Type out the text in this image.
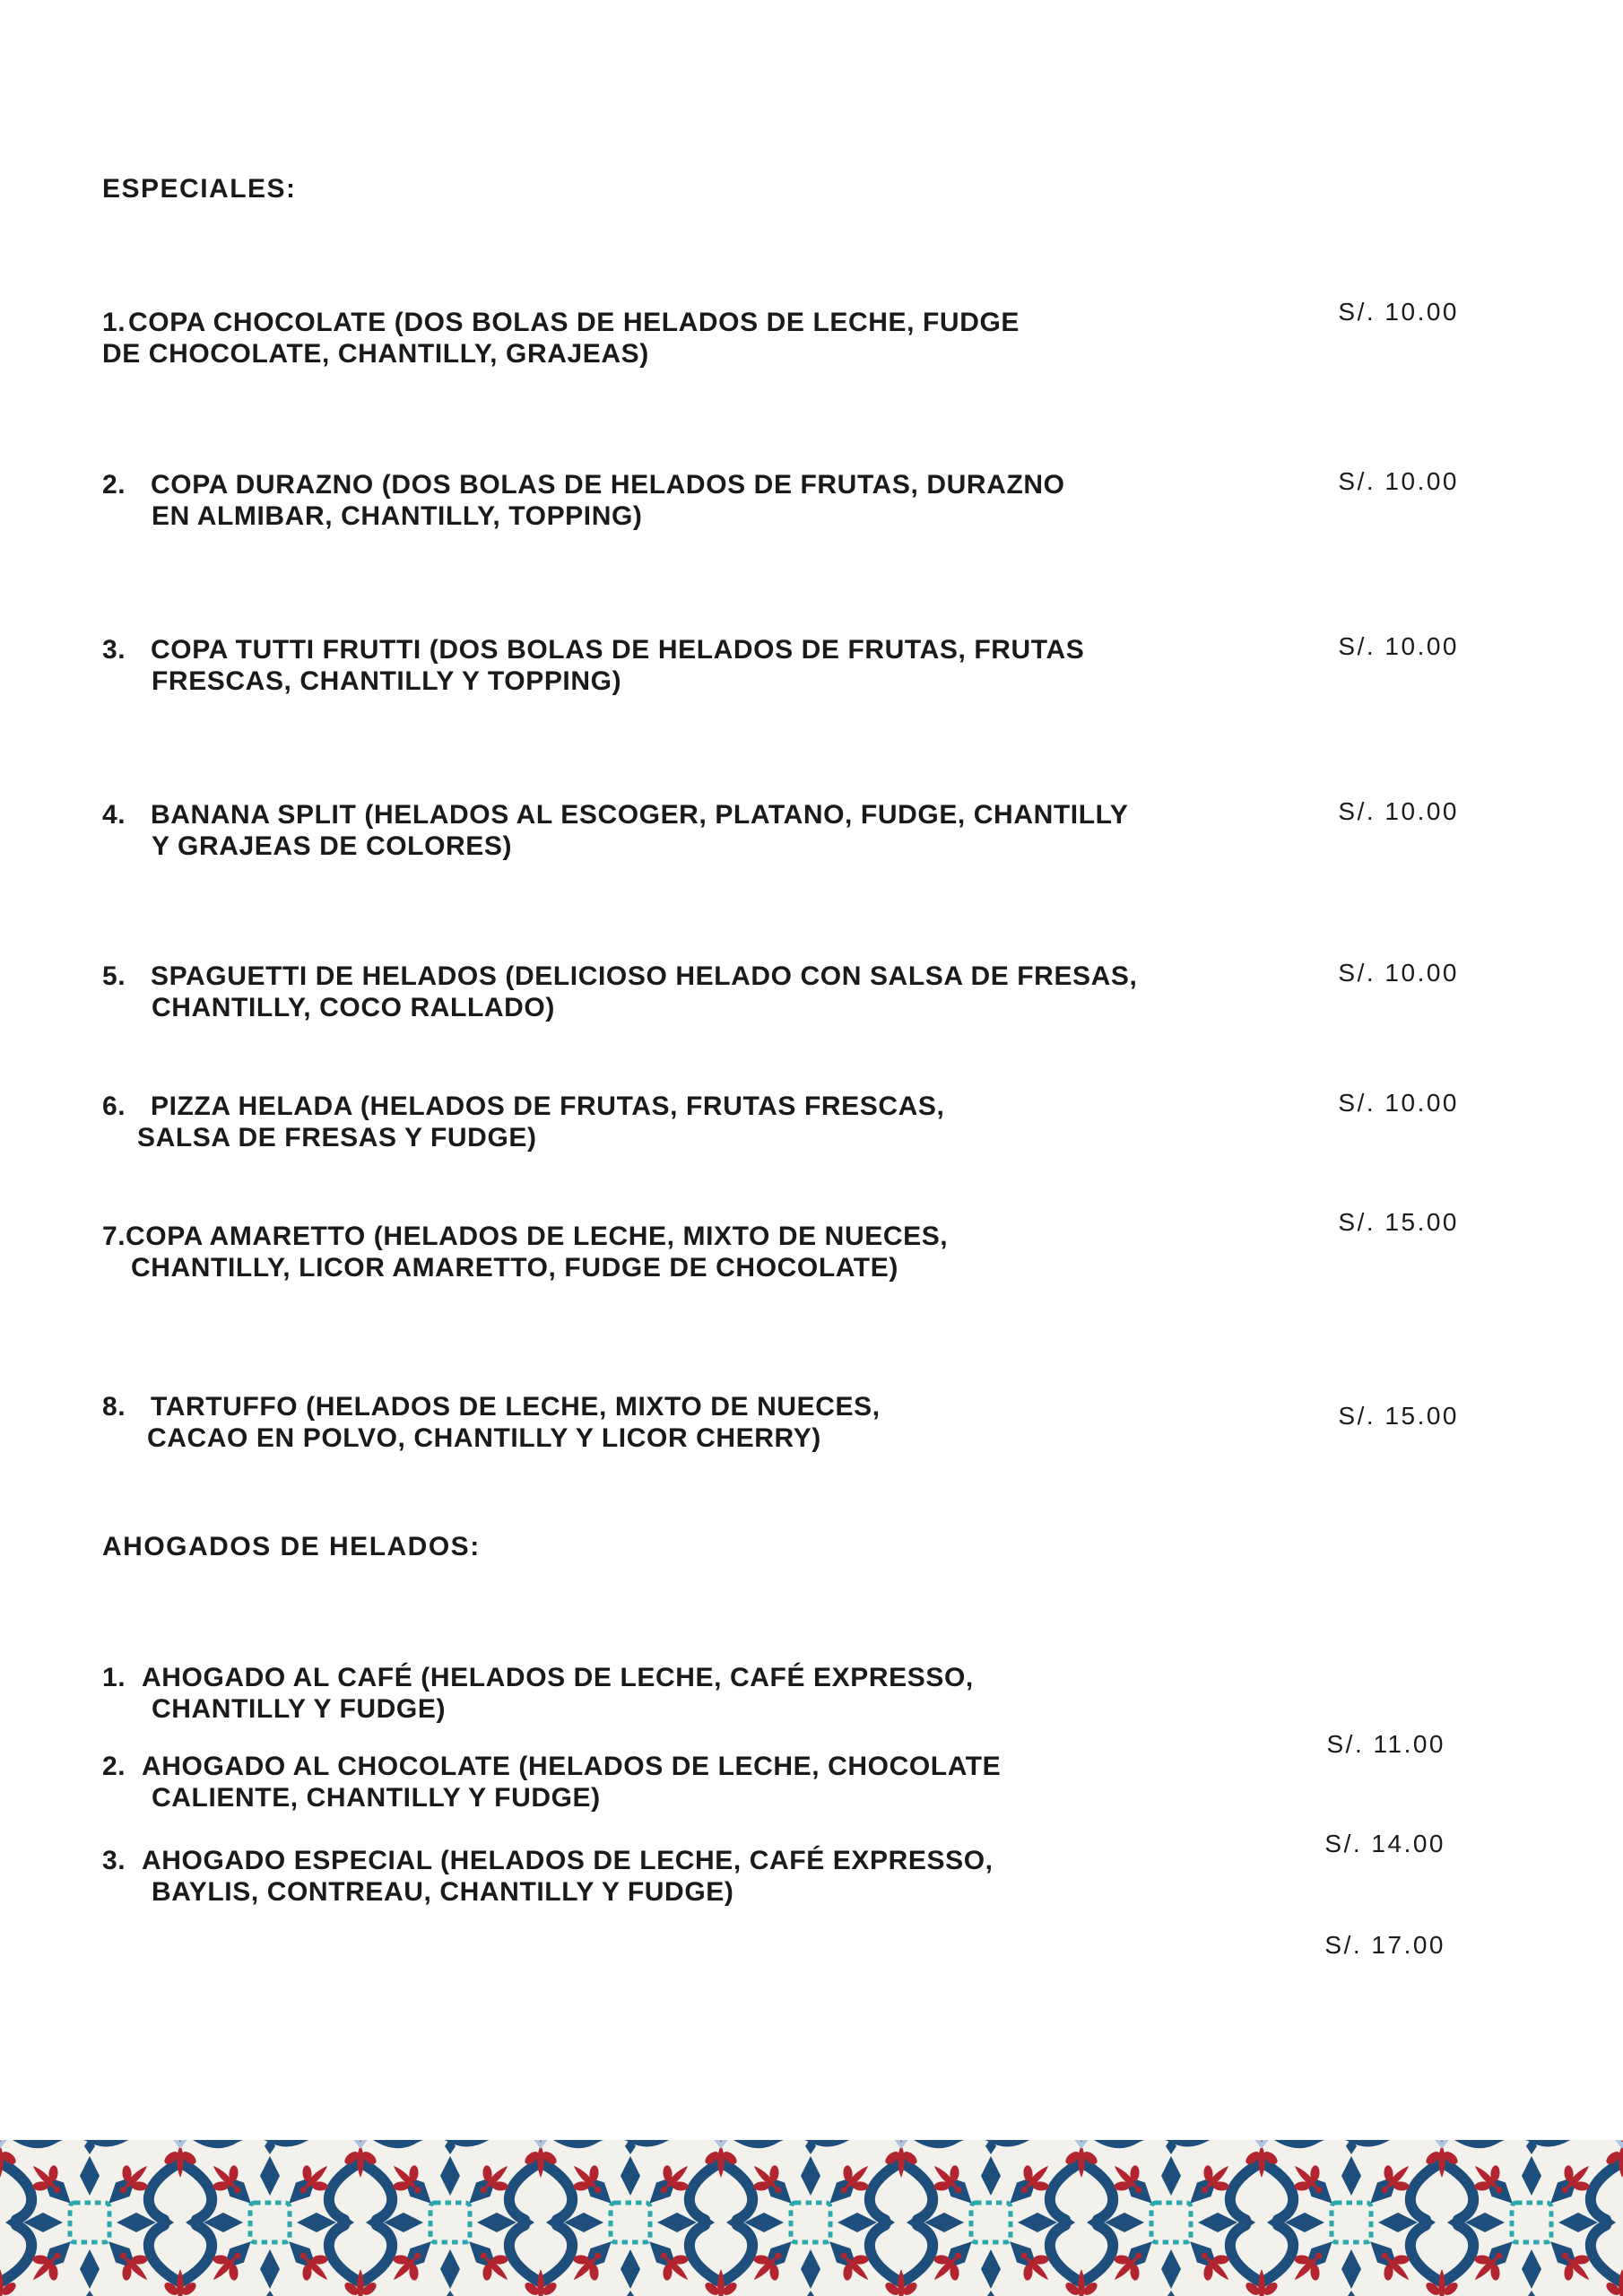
ESPECIALES:
1.COPA CHOCOLATE (DOS BOLAS DE HELADOS DE LECHE, FUDGE
DE CHOCOLATE, CHANTILLY, GRAJEAS)
S/. 10.00
2. COPA DURAZNO (DOS BOLAS DE HELADOS DE FRUTAS, DURAZNO
EN ALMIBAR, CHANTILLY, TOPPING)
S/. 10.00
3. COPA TUTTI FRUTTI (DOS BOLAS DE HELADOS DE FRUTAS, FRUTAS
FRESCAS, CHANTILLY Y TOPPING)
S/. 10.00
4. BANANA SPLIT (HELADOS AL ESCOGER, PLATANO, FUDGE, CHANTILLY
Y GRAJEAS DE COLORES)
S/. 10.00
5. SPAGUETTI DE HELADOS (DELICIOSO HELADO CON SALSA DE FRESAS,
CHANTILLY, COCO RALLADO)
S/. 10.00
6. PIZZA HELADA (HELADOS DE FRUTAS, FRUTAS FRESCAS,
SALSA DE FRESAS Y FUDGE)
S/. 10.00
7.COPA AMARETTO (HELADOS DE LECHE, MIXTO DE NUECES,
CHANTILLY, LICOR AMARETTO, FUDGE DE CHOCOLATE)
S/. 15.00
8. TARTUFFO (HELADOS DE LECHE, MIXTO DE NUECES,
CACAO EN POLVO, CHANTILLY Y LICOR CHERRY)
S/. 15.00
AHOGADOS DE HELADOS:
1. AHOGADO AL CAFÉ (HELADOS DE LECHE, CAFÉ EXPRESSO,
CHANTILLY Y FUDGE)
S/. 11.00
2. AHOGADO AL CHOCOLATE (HELADOS DE LECHE, CHOCOLATE
CALIENTE, CHANTILLY Y FUDGE)
S/. 14.00
3. AHOGADO ESPECIAL (HELADOS DE LECHE, CAFÉ EXPRESSO,
BAYLIS, CONTREAU, CHANTILLY Y FUDGE)
S/. 17.00
